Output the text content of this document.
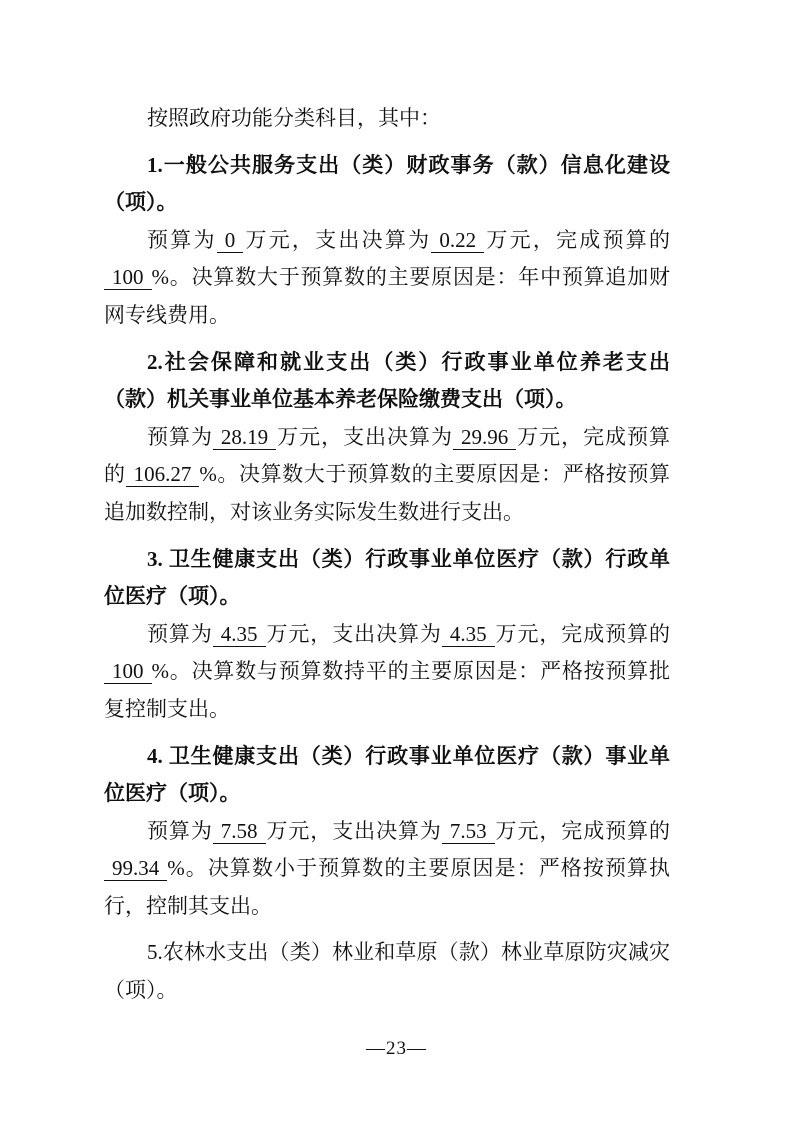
按照政府功能分类科目，其中：

1.一般公共服务支出（类）财政事务（款）信息化建设（项）。

预算为 0 万元，支出决算为 0.22 万元，完成预算的100 %。决算数大于预算数的主要原因是：年中预算追加财网专线费用。

2.社会保障和就业支出（类）行政事业单位养老支出（款）机关事业单位基本养老保险缴费支出（项）。

预算为 28.19 万元，支出决算为 29.96 万元，完成预算的 106.27 %。决算数大于预算数的主要原因是：严格按预算追加数控制，对该业务实际发生数进行支出。

3. 卫生健康支出（类）行政事业单位医疗（款）行政单位医疗（项）。

预算为 4.35 万元，支出决算为 4.35 万元，完成预算的100 %。决算数与预算数持平的主要原因是：严格按预算批复控制支出。

4. 卫生健康支出（类）行政事业单位医疗（款）事业单位医疗（项）。

预算为 7.58 万元，支出决算为 7.53 万元，完成预算的99.34 %。决算数小于预算数的主要原因是：严格按预算执行，控制其支出。

5.农林水支出（类）林业和草原（款）林业草原防灾减灾（项）。

—23—
